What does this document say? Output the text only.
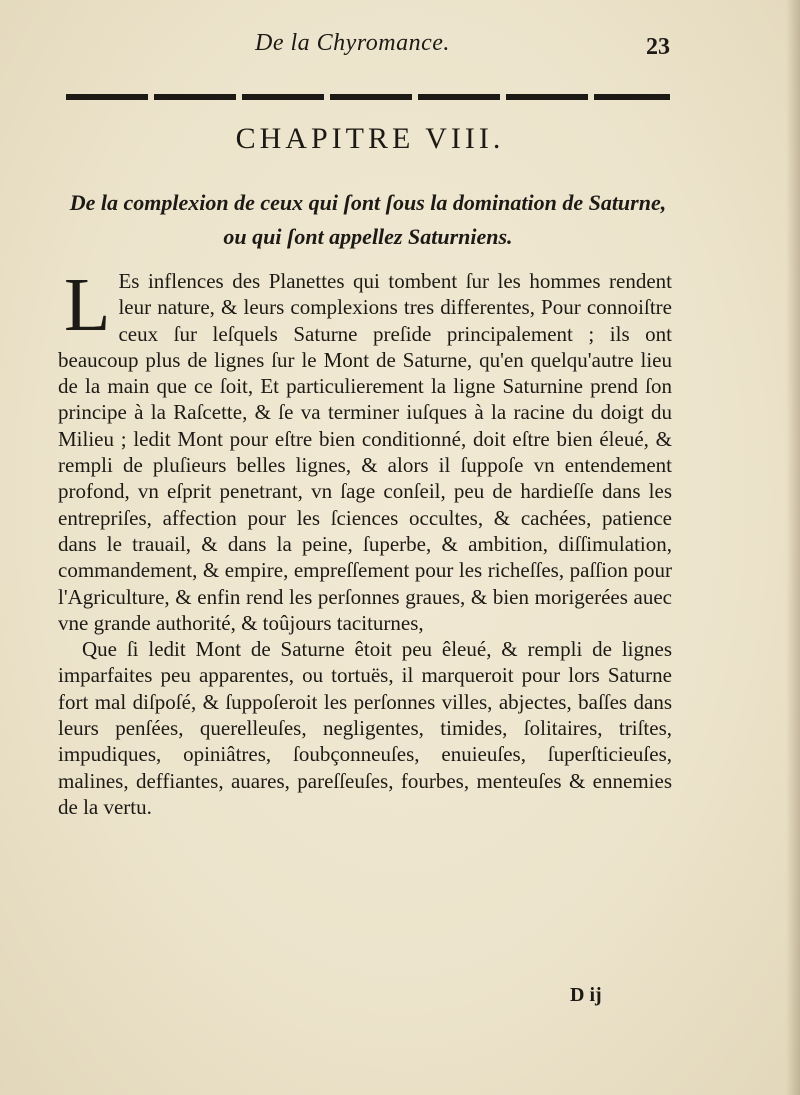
De la Chyromance.	23
CHAPITRE VIII.
De la complexion de ceux qui ſont ſous la domination de Saturne, ou qui ſont appellez Saturniens.

L Es inflences des Planettes qui tombent ſur les hommes rendent leur nature, & leurs complexions tres differentes, Pour connoiſtre ceux ſur leſquels Saturne preſide principalement ; ils ont beaucoup plus de lignes ſur le Mont de Saturne, qu'en quelqu'autre lieu de la main que ce ſoit, Et particulierement la ligne Saturnine prend ſon principe à la Raſcette, & ſe va terminer iuſques à la racine du doigt du Milieu ; ledit Mont pour eſtre bien conditionné, doit eſtre bien éleué, & rempli de pluſieurs belles lignes, & alors il ſuppoſe vn entendement profond, vn eſprit penetrant, vn ſage conſeil, peu de hardieſſe dans les entrepriſes, affection pour les ſciences occultes, & cachées, patience dans le trauail, & dans la peine, ſuperbe, & ambition, diſſimulation, commandement, & empire, empreſſement pour les richeſſes, paſſion pour l'Agriculture, & enfin rend les perſonnes graues, & bien morigerées auec vne grande authorité, & toûjours taciturnes,

Que ſi ledit Mont de Saturne êtoit peu êleué, & rempli de lignes imparfaites peu apparentes, ou tortuës, il marqueroit pour lors Saturne fort mal diſpoſé, & ſuppoſeroit les perſonnes villes, abjectes, baſſes dans leurs penſées, querelleuſes, negligentes, timides, ſolitaires, triſtes, impudiques, opiniâtres, ſoubçonneuſes, enuieuſes, ſuperſticieuſes, malines, deffiantes, auares, pareſſeuſes, fourbes, menteuſes & ennemies de la vertu.

D ij
